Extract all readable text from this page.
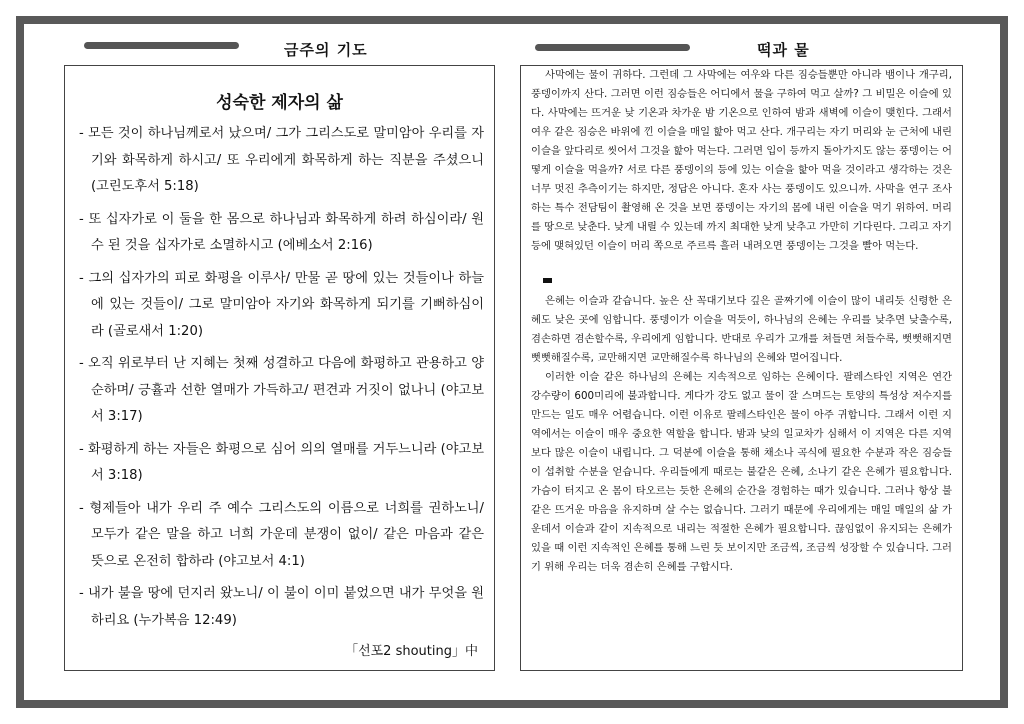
금주의 기도	떡과 물
성숙한 제자의 삶

- 모든 것이 하나님께로서 났으며/ 그가 그리스도로 말미암아 우리를 자기와 화목하게 하시고/ 또 우리에게 화목하게 하는 직분을 주셨으니 (고린도후서 5:18)

- 또 십자가로 이 둘을 한 몸으로 하나님과 화목하게 하려 하심이라/ 원수 된 것을 십자가로 소멸하시고 (에베소서 2:16)

- 그의 십자가의 피로 화평을 이루사/ 만물 곧 땅에 있는 것들이나 하늘에 있는 것들이/ 그로 말미암아 자기와 화목하게 되기를 기뻐하심이라 (골로새서 1:20)

- 오직 위로부터 난 지혜는 첫째 성결하고 다음에 화평하고 관용하고 양순하며/ 긍휼과 선한 열매가 가득하고/ 편견과 거짓이 없나니 (야고보서 3:17)

- 화평하게 하는 자들은 화평으로 심어 의의 열매를 거두느니라 (야고보서 3:18)

- 형제들아 내가 우리 주 예수 그리스도의 이름으로 너희를 권하노니/ 모두가 같은 말을 하고 너희 가운데 분쟁이 없이/ 같은 마음과 같은 뜻으로 온전히 합하라 (야고보서 4:1)

- 내가 불을 땅에 던지러 왔노니/ 이 불이 이미 붙었으면 내가 무엇을 원하리요 (누가복음 12:49)

「선포2 shouting」中

사막에는 물이 귀하다. 그런데 그 사막에는 여우와 다른 짐승들뿐만 아니라 뱀이나 개구리, 풍뎅이까지 산다. 그러면 이런 짐승들은 어디에서 물을 구하여 먹고 살까? 그 비밀은 이슬에 있다. 사막에는 뜨거운 낮 기온과 차가운 밤 기온으로 인하여 밤과 새벽에 이슬이 맺힌다. 그래서 여우 같은 짐승은 바위에 낀 이슬을 매일 핥아 먹고 산다. 개구리는 자기 머리와 눈 근처에 내린 이슬을 앞다리로 씻어서 그것을 핥아 먹는다. 그러면 입이 등까지 돌아가지도 않는 풍뎅이는 어떻게 이슬을 먹을까? 서로 다른 풍뎅이의 등에 있는 이슬을 핥아 먹을 것이라고 생각하는 것은 너무 멋진 추측이기는 하지만, 정답은 아니다. 혼자 사는 풍뎅이도 있으니까. 사막을 연구 조사하는 특수 전담팀이 촬영해 온 것을 보면 풍뎅이는 자기의 몸에 내린 이슬을 먹기 위하여. 머리를 땅으로 낮춘다. 낮게 내릴 수 있는데 까지 최대한 낮게 낮추고 가만히 기다린다. 그리고 자기 등에 맺혀있던 이슬이 머리 쪽으로 주르륵 흘러 내려오면 풍뎅이는 그것을 빨아 먹는다.

은혜는 이슬과 같습니다. 높은 산 꼭대기보다 깊은 골짜기에 이슬이 많이 내리듯 신령한 은혜도 낮은 곳에 임합니다. 풍뎅이가 이슬을 먹듯이, 하나님의 은혜는 우리를 낮추면 낮출수록, 겸손하면 겸손할수록, 우리에게 임합니다. 반대로 우리가 고개를 쳐들면 쳐들수록, 뻣뻣해지면 뻣뻣해질수록, 교만해지면 교만해질수록 하나님의 은혜와 멀어집니다.

이러한 이슬 같은 하나님의 은혜는 지속적으로 임하는 은혜이다. 팔레스타인 지역은 연간 강수량이 600미리에 불과합니다. 게다가 강도 없고 물이 잘 스며드는 토양의 특성상 저수지를 만드는 일도 매우 어렵습니다. 이런 이유로 팔레스타인은 물이 아주 귀합니다. 그래서 이런 지역에서는 이슬이 매우 중요한 역할을 합니다. 밤과 낮의 일교차가 심해서 이 지역은 다른 지역보다 많은 이슬이 내립니다. 그 덕분에 이슬을 통해 채소나 곡식에 필요한 수분과 작은 짐승들이 섭취할 수분을 얻습니다. 우리들에게 때로는 불같은 은혜, 소나기 같은 은혜가 필요합니다. 가슴이 터지고 온 몸이 타오르는 듯한 은혜의 순간을 경험하는 때가 있습니다. 그러나 항상 불같은 뜨거운 마음을 유지하며 살 수는 없습니다. 그러기 때문에 우리에게는 매일 매일의 삶 가운데서 이슬과 같이 지속적으로 내리는 적절한 은혜가 필요합니다. 끊임없이 유지되는 은혜가 있을 때 이런 지속적인 은혜를 통해 느린 듯 보이지만 조금씩, 조금씩 성장할 수 있습니다. 그러기 위해 우리는 더욱 겸손히 은혜를 구합시다.
